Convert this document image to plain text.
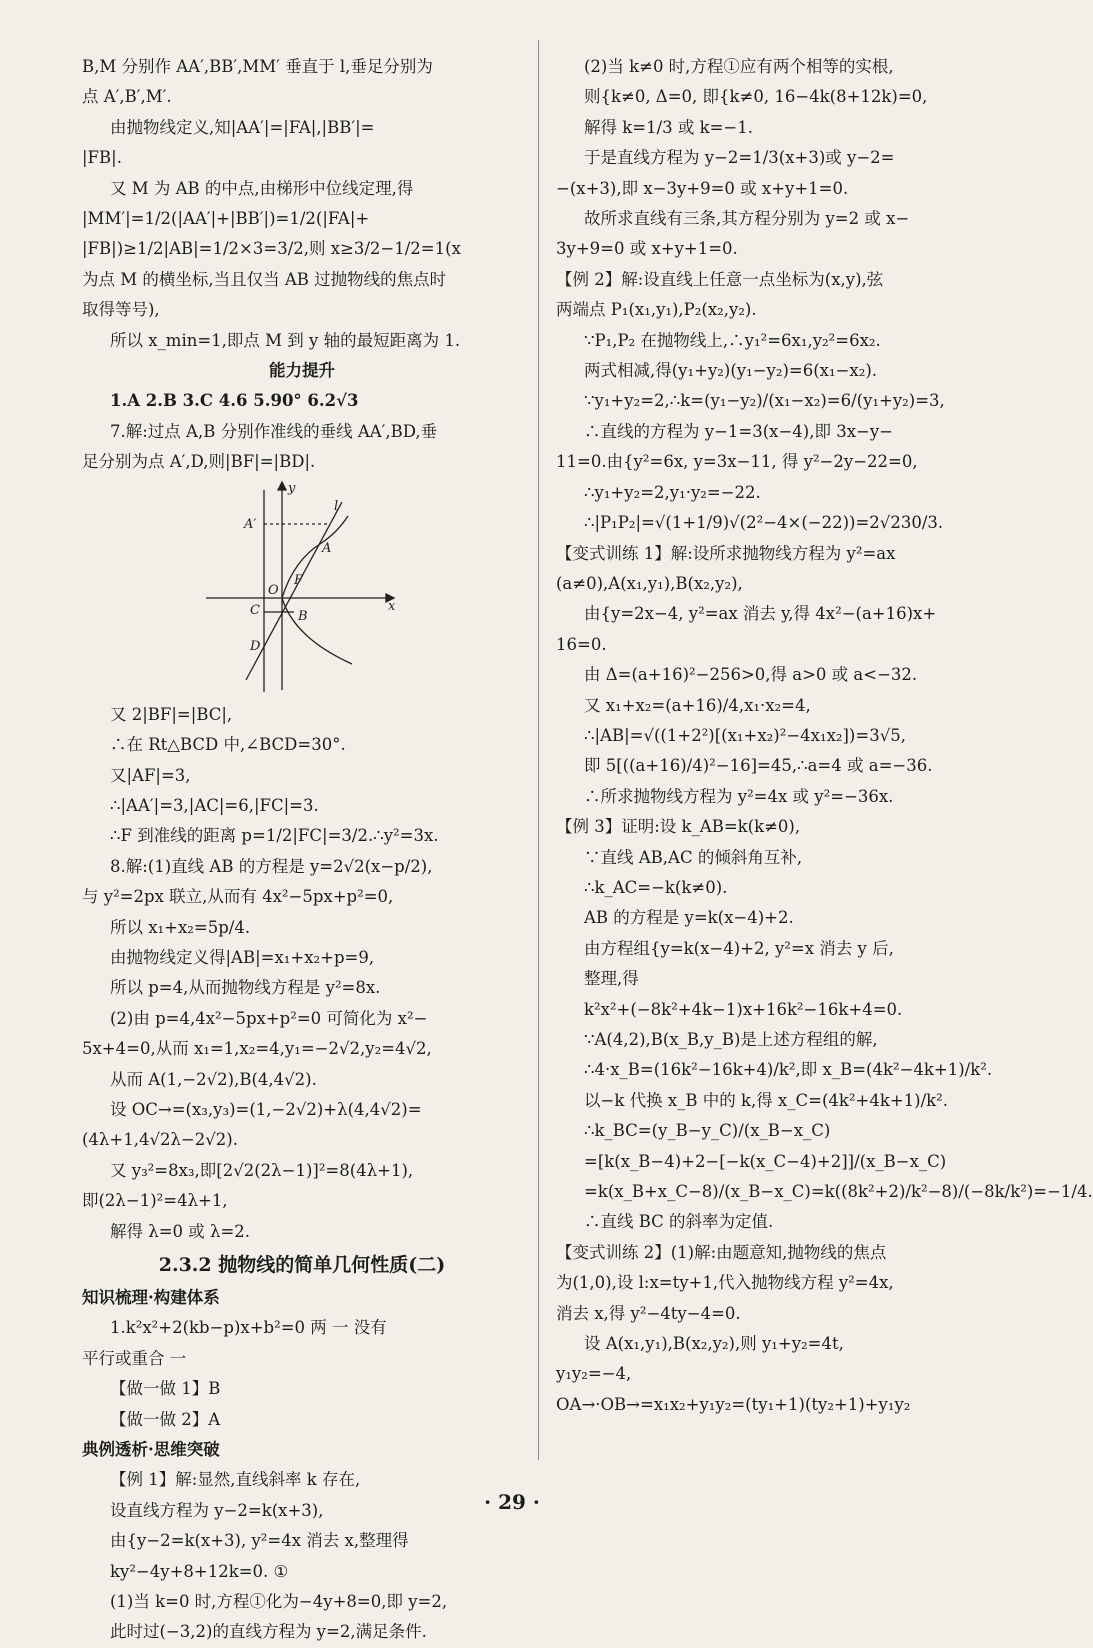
B,M 分别作 AA′,BB′,MM′ 垂直于 l,垂足分别为
点 A′,B′,M′.
由抛物线定义,知|AA′|=|FA|,|BB′|=
|FB|.
又 M 为 AB 的中点,由梯形中位线定理,得
|MM′|=1/2(|AA′|+|BB′|)=1/2(|FA|+
|FB|)≥1/2|AB|=1/2×3=3/2,则 x≥3/2−1/2=1(x
为点 M 的横坐标,当且仅当 AB 过抛物线的焦点时
取得等号),
所以 x_min=1,即点 M 到 y 轴的最短距离为 1.
能力提升
1.A 2.B 3.C 4.6 5.90° 6.2√3
7.解:过点 A,B 分别作准线的垂线 AA′,BD,垂
足分别为点 A′,D,则|BF|=|BD|.
y
A′
l
A
F
O
C	B
D
x
又 2|BF|=|BC|,
∴在 Rt△BCD 中,∠BCD=30°.
又|AF|=3,
∴|AA′|=3,|AC|=6,|FC|=3.
∴F 到准线的距离 p=1/2|FC|=3/2.∴y²=3x.
8.解:(1)直线 AB 的方程是 y=2√2(x−p/2),
与 y²=2px 联立,从而有 4x²−5px+p²=0,
所以 x₁+x₂=5p/4.
由抛物线定义得|AB|=x₁+x₂+p=9,
所以 p=4,从而抛物线方程是 y²=8x.
(2)由 p=4,4x²−5px+p²=0 可简化为 x²−
5x+4=0,从而 x₁=1,x₂=4,y₁=−2√2,y₂=4√2,
从而 A(1,−2√2),B(4,4√2).
设 OC→=(x₃,y₃)=(1,−2√2)+λ(4,4√2)=
(4λ+1,4√2λ−2√2).
又 y₃²=8x₃,即[2√2(2λ−1)]²=8(4λ+1),
即(2λ−1)²=4λ+1,
解得 λ=0 或 λ=2.
2.3.2 抛物线的简单几何性质(二)
知识梳理·构建体系
1.k²x²+2(kb−p)x+b²=0 两 一 没有
平行或重合 一
【做一做 1】B
【做一做 2】A
典例透析·思维突破
【例 1】解:显然,直线斜率 k 存在,
设直线方程为 y−2=k(x+3),
由{y−2=k(x+3), y²=4x 消去 x,整理得
ky²−4y+8+12k=0. ①
(1)当 k=0 时,方程①化为−4y+8=0,即 y=2,
此时过(−3,2)的直线方程为 y=2,满足条件.
(2)当 k≠0 时,方程①应有两个相等的实根,
则{k≠0, Δ=0, 即{k≠0, 16−4k(8+12k)=0,
解得 k=1/3 或 k=−1.
于是直线方程为 y−2=1/3(x+3)或 y−2=
−(x+3),即 x−3y+9=0 或 x+y+1=0.
故所求直线有三条,其方程分别为 y=2 或 x−
3y+9=0 或 x+y+1=0.
【例 2】解:设直线上任意一点坐标为(x,y),弦
两端点 P₁(x₁,y₁),P₂(x₂,y₂).
∵P₁,P₂ 在抛物线上,∴y₁²=6x₁,y₂²=6x₂.
两式相减,得(y₁+y₂)(y₁−y₂)=6(x₁−x₂).
∵y₁+y₂=2,∴k=(y₁−y₂)/(x₁−x₂)=6/(y₁+y₂)=3,
∴直线的方程为 y−1=3(x−4),即 3x−y−
11=0.由{y²=6x, y=3x−11, 得 y²−2y−22=0,
∴y₁+y₂=2,y₁·y₂=−22.
∴|P₁P₂|=√(1+1/9)√(2²−4×(−22))=2√230/3.
【变式训练 1】解:设所求抛物线方程为 y²=ax
(a≠0),A(x₁,y₁),B(x₂,y₂),
由{y=2x−4, y²=ax 消去 y,得 4x²−(a+16)x+
16=0.
由 Δ=(a+16)²−256>0,得 a>0 或 a<−32.
又 x₁+x₂=(a+16)/4,x₁·x₂=4,
∴|AB|=√((1+2²)[(x₁+x₂)²−4x₁x₂])=3√5,
即 5[((a+16)/4)²−16]=45,∴a=4 或 a=−36.
∴所求抛物线方程为 y²=4x 或 y²=−36x.
【例 3】证明:设 k_AB=k(k≠0),
∵直线 AB,AC 的倾斜角互补,
∴k_AC=−k(k≠0).
AB 的方程是 y=k(x−4)+2.
由方程组{y=k(x−4)+2, y²=x 消去 y 后,
整理,得
k²x²+(−8k²+4k−1)x+16k²−16k+4=0.
∵A(4,2),B(x_B,y_B)是上述方程组的解,
∴4·x_B=(16k²−16k+4)/k²,即 x_B=(4k²−4k+1)/k².
以−k 代换 x_B 中的 k,得 x_C=(4k²+4k+1)/k².
∴k_BC=(y_B−y_C)/(x_B−x_C)
=[k(x_B−4)+2−[−k(x_C−4)+2]]/(x_B−x_C)
=k(x_B+x_C−8)/(x_B−x_C)=k((8k²+2)/k²−8)/(−8k/k²)=−1/4.
∴直线 BC 的斜率为定值.
【变式训练 2】(1)解:由题意知,抛物线的焦点
为(1,0),设 l:x=ty+1,代入抛物线方程 y²=4x,
消去 x,得 y²−4ty−4=0.
设 A(x₁,y₁),B(x₂,y₂),则 y₁+y₂=4t,
y₁y₂=−4,
OA→·OB→=x₁x₂+y₁y₂=(ty₁+1)(ty₂+1)+y₁y₂
· 29 ·
